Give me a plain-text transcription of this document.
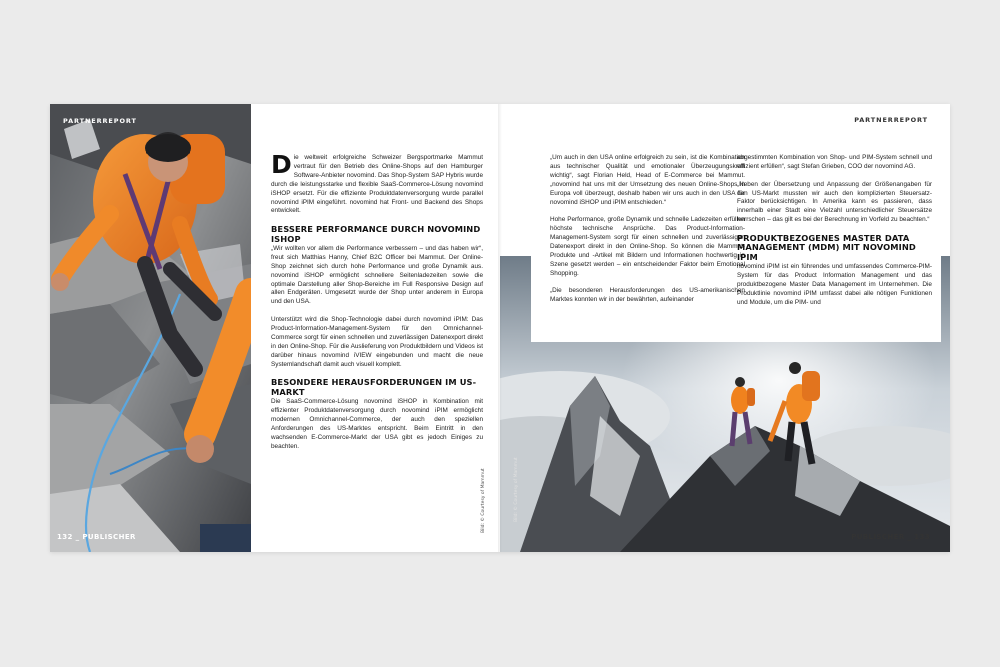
PARTNERREPORT
132 _ PUBLISCHER

Die weltweit erfolgreiche Schweizer Bergsportmarke Mammut vertraut für den Betrieb des Online-Shops auf den Hamburger Software-Anbieter novomind. Das Shop-System SAP Hybris wurde durch die leistungsstarke und flexible SaaS-Commerce-Lösung novomind iSHOP ersetzt. Für die effiziente Produktdatenversorgung wurde parallel novomind iPIM eingeführt. novomind hat Front- und Backend des Shops entwickelt.

BESSERE PERFORMANCE DURCH NOVOMIND ISHOP

„Wir wollten vor allem die Performance verbessern – und das haben wir“, freut sich Matthias Hanny, Chief B2C Officer bei Mammut. Der Online-Shop zeichnet sich durch hohe Performance und große Dynamik aus. novomind iSHOP ermöglicht schnellere Seitenladezeiten sowie die optimale Darstellung aller Shop-Bereiche im Full Responsive Design auf allen Endgeräten. Umgesetzt wurde der Shop unter anderem in Europa und den USA.

Unterstützt wird die Shop-Technologie dabei durch novomind iPIM: Das Product-Information-Management-System für den Omnichannel-Commerce sorgt für einen schnellen und zuverlässigen Datenexport direkt in den Online-Shop. Für die Auslieferung von Produktbildern und Videos ist darüber hinaus novomind iVIEW eingebunden und macht die neue Systemlandschaft damit auch visuell komplett.

BESONDERE HERAUSFORDERUNGEN IM US-MARKT

Die SaaS-Commerce-Lösung novomind iSHOP in Kombination mit effizienter Produktdatenversorgung durch novomind iPIM ermöglicht modernen Omnichannel-Commerce, der auch den speziellen Anforderungen des US-Marktes entspricht. Beim Eintritt in den wachsenden E-Commerce-Markt der USA gibt es jedoch Einiges zu beachten.

Bild: © Courtesy of Mammut
PARTNERREPORT
PUBLISCHER _ 133
Bild: © Courtesy of Mammut

„Um auch in den USA online erfolgreich zu sein, ist die Kombination aus technischer Qualität und emotionaler Überzeugungskraft wichtig“, sagt Florian Held, Head of E-Commerce bei Mammut. „novomind hat uns mit der Umsetzung des neuen Online-Shops in Europa voll überzeugt, deshalb haben wir uns auch in den USA für novomind iSHOP und iPIM entschieden.“

Hohe Performance, große Dynamik und schnelle Ladezeiten erfüllen höchste technische Ansprüche. Das Product-Information-Management-System sorgt für einen schnellen und zuverlässigen Datenexport direkt in den Online-Shop. So können die Mammut-Produkte und -Artikel mit Bildern und Informationen hochwertig in Szene gesetzt werden – ein entscheidender Faktor beim Emotional Shopping.

„Die besonderen Herausforderungen des US-amerikanischen Marktes konnten wir in der bewährten, aufeinander

abgestimmten Kombination von Shop- und PIM-System schnell und effizient erfüllen“, sagt Stefan Grieben, COO der novomind AG.

„Neben der Übersetzung und Anpassung der Größenangaben für den US-Markt mussten wir auch den komplizierten Steuersatz-Faktor berücksichtigen. In Amerika kann es passieren, dass innerhalb einer Stadt eine Vielzahl unterschiedlicher Steuersätze herrschen – das gilt es bei der Berechnung im Vorfeld zu beachten.“

PRODUKTBEZOGENES MASTER DATA MANAGEMENT (MDM) MIT NOVOMIND IPIM

novomind iPIM ist ein führendes und umfassendes Commerce-PIM-System für das Product Information Management und das produktbezogene Master Data Management im Unternehmen. Die Produktlinie novomind iPIM umfasst dabei alle nötigen Funktionen und Module, um die PIM- und
